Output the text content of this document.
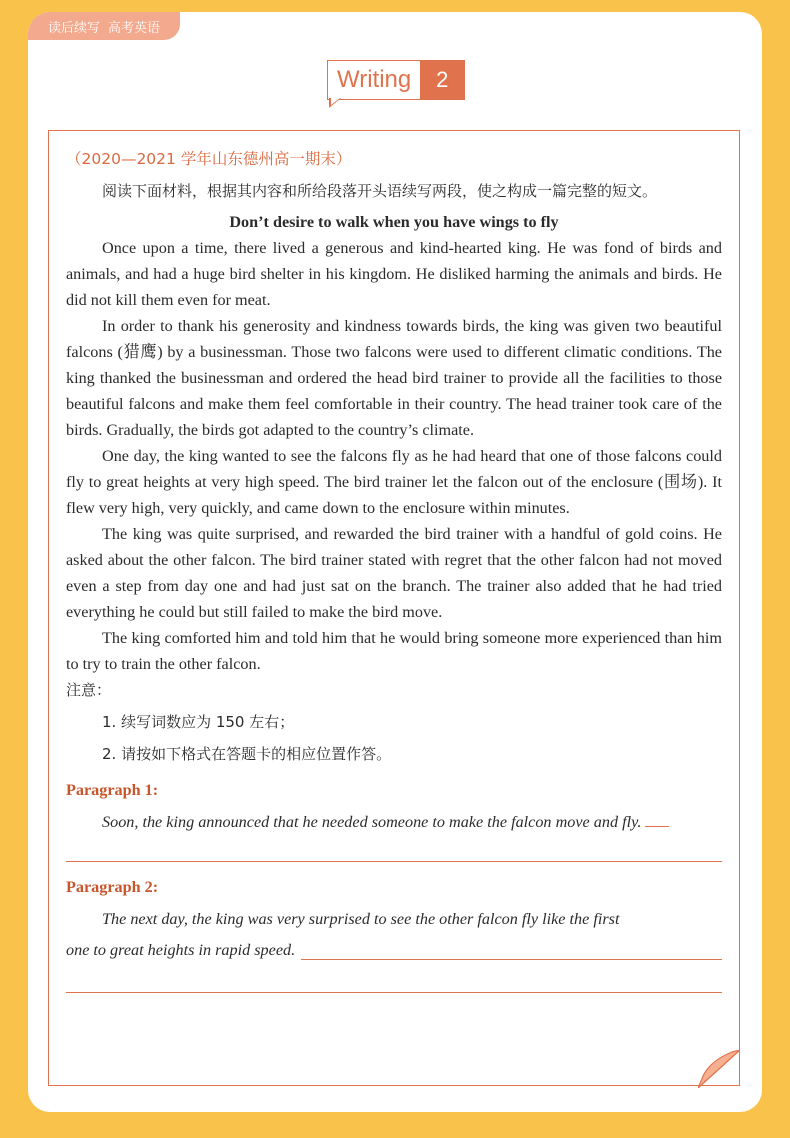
读后续写 高考英语
Writing	2
（2020—2021 学年山东德州高一期末）

阅读下面材料，根据其内容和所给段落开头语续写两段，使之构成一篇完整的短文。

Don’t desire to walk when you have wings to fly

Once upon a time, there lived a generous and kind-hearted king. He was fond of birds and animals, and had a huge bird shelter in his kingdom. He disliked harming the animals and birds. He did not kill them even for meat.

In order to thank his generosity and kindness towards birds, the king was given two beautiful falcons (猎鹰) by a businessman. Those two falcons were used to different climatic conditions. The king thanked the businessman and ordered the head bird trainer to provide all the facilities to those beautiful falcons and make them feel comfortable in their country. The head trainer took care of the birds. Gradually, the birds got adapted to the country’s climate.

One day, the king wanted to see the falcons fly as he had heard that one of those falcons could fly to great heights at very high speed. The bird trainer let the falcon out of the enclosure (围场). It flew very high, very quickly, and came down to the enclosure within minutes.

The king was quite surprised, and rewarded the bird trainer with a handful of gold coins. He asked about the other falcon. The bird trainer stated with regret that the other falcon had not moved even a step from day one and had just sat on the branch. The trainer also added that he had tried everything he could but still failed to make the bird move.

The king comforted him and told him that he would bring someone more experienced than him to try to train the other falcon.

注意：

1. 续写词数应为 150 左右；

2. 请按如下格式在答题卡的相应位置作答。

Paragraph 1:

Soon, the king announced that he needed someone to make the falcon move and fly.

Paragraph 2:

The next day, the king was very surprised to see the other falcon fly like the first

one to great heights in rapid speed.
